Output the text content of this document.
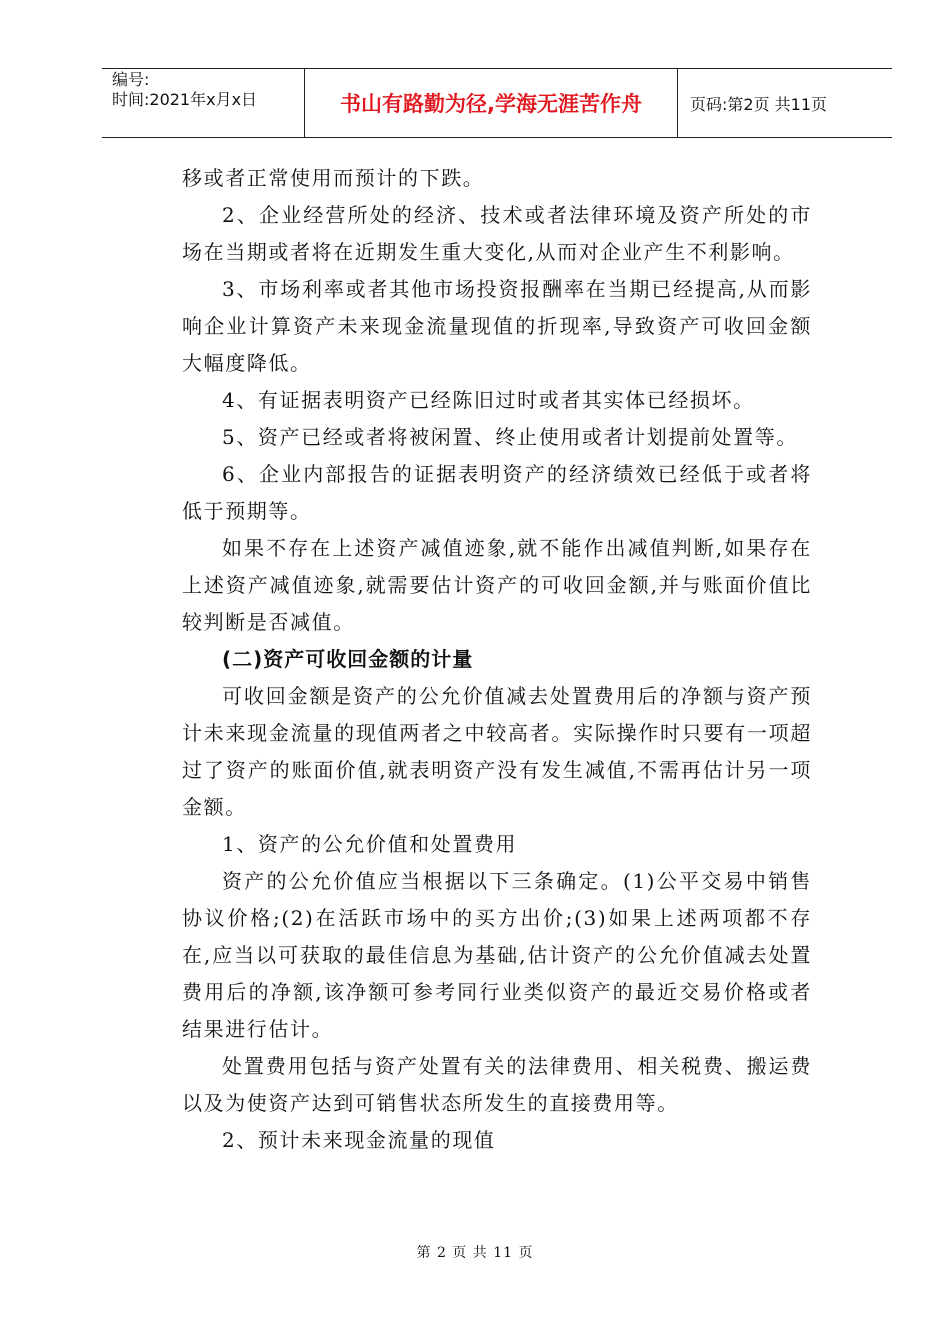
编号:
时间:2021年x月x日	书山有路勤为径,学海无涯苦作舟	页码:第2页 共11页

移或者正常使用而预计的下跌。

2、企业经营所处的经济、技术或者法律环境及资产所处的市场在当期或者将在近期发生重大变化,从而对企业产生不利影响。

3、市场利率或者其他市场投资报酬率在当期已经提高,从而影响企业计算资产未来现金流量现值的折现率,导致资产可收回金额大幅度降低。

4、有证据表明资产已经陈旧过时或者其实体已经损坏。

5、资产已经或者将被闲置、终止使用或者计划提前处置等。

6、企业内部报告的证据表明资产的经济绩效已经低于或者将低于预期等。

如果不存在上述资产减值迹象,就不能作出减值判断,如果存在上述资产减值迹象,就需要估计资产的可收回金额,并与账面价值比较判断是否减值。

(二)资产可收回金额的计量

可收回金额是资产的公允价值减去处置费用后的净额与资产预计未来现金流量的现值两者之中较高者。实际操作时只要有一项超过了资产的账面价值,就表明资产没有发生减值,不需再估计另一项金额。

1、资产的公允价值和处置费用

资产的公允价值应当根据以下三条确定。(1)公平交易中销售协议价格;(2)在活跃市场中的买方出价;(3)如果上述两项都不存在,应当以可获取的最佳信息为基础,估计资产的公允价值减去处置费用后的净额,该净额可参考同行业类似资产的最近交易价格或者结果进行估计。

处置费用包括与资产处置有关的法律费用、相关税费、搬运费以及为使资产达到可销售状态所发生的直接费用等。

2、预计未来现金流量的现值

第 2 页 共 11 页
